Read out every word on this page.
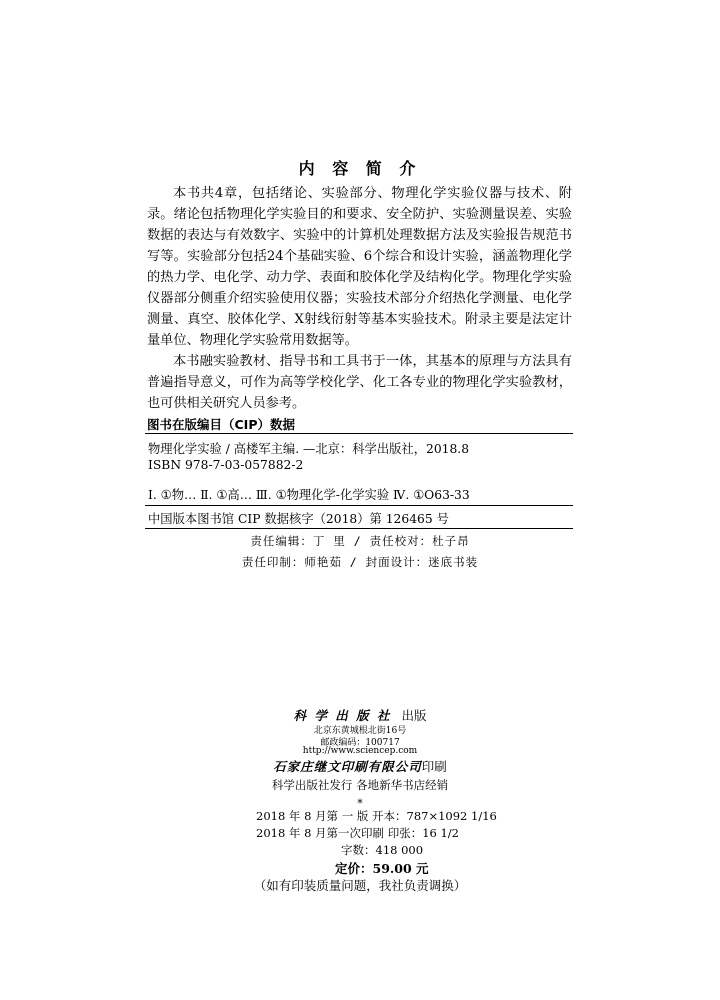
内 容 简 介

本书共4章，包括绪论、实验部分、物理化学实验仪器与技术、附录。绪论包括物理化学实验目的和要求、安全防护、实验测量误差、实验数据的表达与有效数字、实验中的计算机处理数据方法及实验报告规范书写等。实验部分包括24个基础实验、6个综合和设计实验，涵盖物理化学的热力学、电化学、动力学、表面和胶体化学及结构化学。物理化学实验仪器部分侧重介绍实验使用仪器；实验技术部分介绍热化学测量、电化学测量、真空、胶体化学、X射线衍射等基本实验技术。附录主要是法定计量单位、物理化学实验常用数据等。

本书融实验教材、指导书和工具书于一体，其基本的原理与方法具有普遍指导意义，可作为高等学校化学、化工各专业的物理化学实验教材，也可供相关研究人员参考。

图书在版编目（CIP）数据
物理化学实验 / 高楼军主编. —北京：科学出版社，2018.8
ISBN 978-7-03-057882-2
Ⅰ. ①物… Ⅱ. ①高… Ⅲ. ①物理化学-化学实验 Ⅳ. ①O63-33
中国版本图书馆 CIP 数据核字（2018）第 126465 号
责任编辑：丁 里 / 责任校对：杜子昂
责任印制：师艳茹 / 封面设计：迷底书装
科 学 出 版 社 出版
北京东黄城根北街16号
邮政编码：100717
http://www.sciencep.com
石家庄继文印刷有限公司印刷
科学出版社发行 各地新华书店经销
*
2018 年 8 月第 一 版 开本：787×1092 1/16
2018 年 8 月第一次印刷 印张：16 1/2
字数：418 000
定价：59.00 元
（如有印装质量问题，我社负责调换）
